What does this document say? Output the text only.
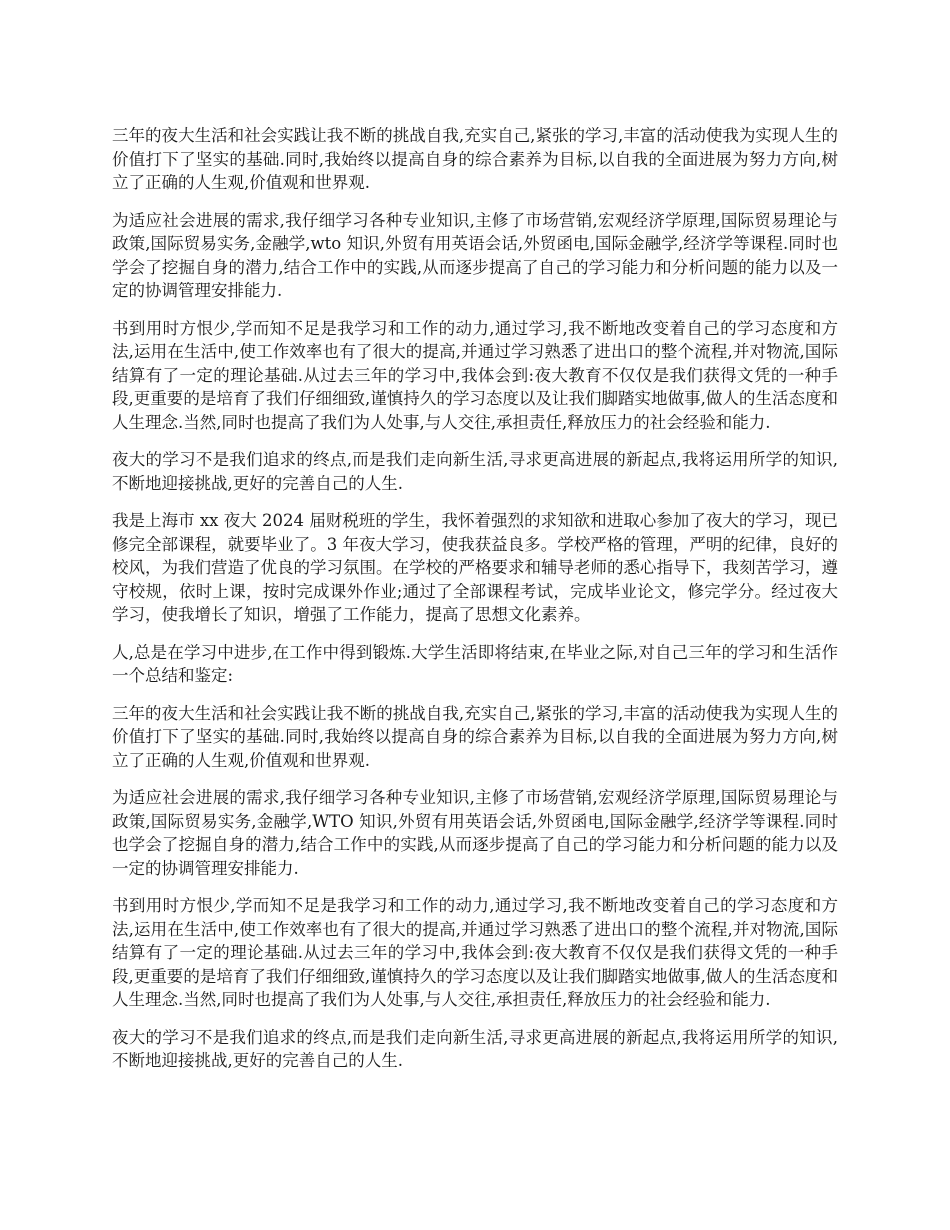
三年的夜大生活和社会实践让我不断的挑战自我,充实自己,紧张的学习,丰富的活动使我为实现人生的价值打下了坚实的基础.同时,我始终以提高自身的综合素养为目标,以自我的全面进展为努力方向,树立了正确的人生观,价值观和世界观.

为适应社会进展的需求,我仔细学习各种专业知识,主修了市场营销,宏观经济学原理,国际贸易理论与政策,国际贸易实务,金融学,wto 知识,外贸有用英语会话,外贸函电,国际金融学,经济学等课程.同时也学会了挖掘自身的潜力,结合工作中的实践,从而逐步提高了自己的学习能力和分析问题的能力以及一定的协调管理安排能力.

书到用时方恨少,学而知不足是我学习和工作的动力,通过学习,我不断地改变着自己的学习态度和方法,运用在生活中,使工作效率也有了很大的提高,并通过学习熟悉了进出口的整个流程,并对物流,国际结算有了一定的理论基础.从过去三年的学习中,我体会到:夜大教育不仅仅是我们获得文凭的一种手段,更重要的是培育了我们仔细细致,谨慎持久的学习态度以及让我们脚踏实地做事,做人的生活态度和人生理念.当然,同时也提高了我们为人处事,与人交往,承担责任,释放压力的社会经验和能力.

夜大的学习不是我们追求的终点,而是我们走向新生活,寻求更高进展的新起点,我将运用所学的知识,不断地迎接挑战,更好的完善自己的人生.

我是上海市 xx 夜大 2024 届财税班的学生，我怀着强烈的求知欲和进取心参加了夜大的学习，现已修完全部课程，就要毕业了。3 年夜大学习，使我获益良多。学校严格的管理，严明的纪律，良好的校风，为我们营造了优良的学习氛围。在学校的严格要求和辅导老师的悉心指导下，我刻苦学习，遵守校规，依时上课，按时完成课外作业;通过了全部课程考试，完成毕业论文，修完学分。经过夜大学习，使我增长了知识，增强了工作能力，提高了思想文化素养。

人,总是在学习中进步,在工作中得到锻炼.大学生活即将结束,在毕业之际,对自己三年的学习和生活作一个总结和鉴定:

三年的夜大生活和社会实践让我不断的挑战自我,充实自己,紧张的学习,丰富的活动使我为实现人生的价值打下了坚实的基础.同时,我始终以提高自身的综合素养为目标,以自我的全面进展为努力方向,树立了正确的人生观,价值观和世界观.

为适应社会进展的需求,我仔细学习各种专业知识,主修了市场营销,宏观经济学原理,国际贸易理论与政策,国际贸易实务,金融学,WTO 知识,外贸有用英语会话,外贸函电,国际金融学,经济学等课程.同时也学会了挖掘自身的潜力,结合工作中的实践,从而逐步提高了自己的学习能力和分析问题的能力以及一定的协调管理安排能力.

书到用时方恨少,学而知不足是我学习和工作的动力,通过学习,我不断地改变着自己的学习态度和方法,运用在生活中,使工作效率也有了很大的提高,并通过学习熟悉了进出口的整个流程,并对物流,国际结算有了一定的理论基础.从过去三年的学习中,我体会到:夜大教育不仅仅是我们获得文凭的一种手段,更重要的是培育了我们仔细细致,谨慎持久的学习态度以及让我们脚踏实地做事,做人的生活态度和人生理念.当然,同时也提高了我们为人处事,与人交往,承担责任,释放压力的社会经验和能力.

夜大的学习不是我们追求的终点,而是我们走向新生活,寻求更高进展的新起点,我将运用所学的知识,不断地迎接挑战,更好的完善自己的人生.
